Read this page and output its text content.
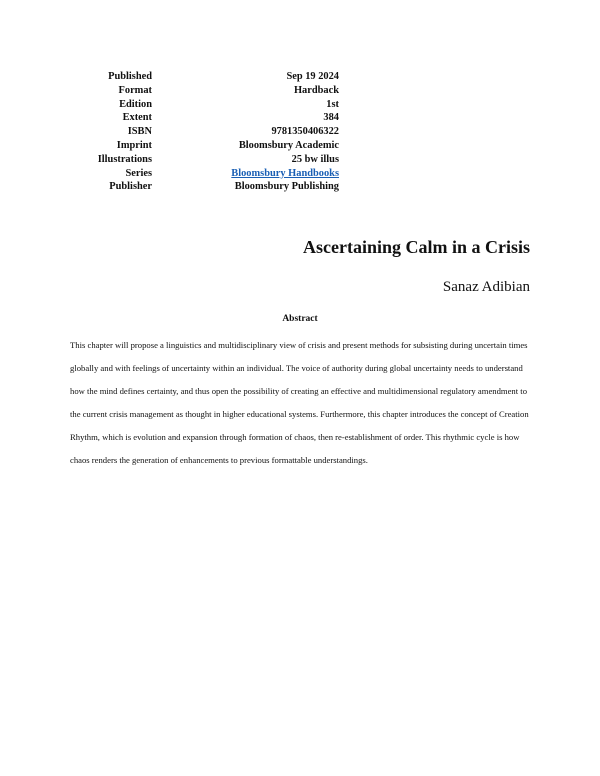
Published	Sep 19 2024
Format	Hardback
Edition	1st
Extent	384
ISBN	9781350406322
Imprint	Bloomsbury Academic
Illustrations	25 bw illus
Series	Bloomsbury Handbooks
Publisher	Bloomsbury Publishing
Ascertaining Calm in a Crisis

Sanaz Adibian

Abstract

This chapter will propose a linguistics and multidisciplinary view of crisis and present methods for subsisting during uncertain times globally and with feelings of uncertainty within an individual. The voice of authority during global uncertainty needs to understand how the mind defines certainty, and thus open the possibility of creating an effective and multidimensional regulatory amendment to the current crisis management as thought in higher educational systems. Furthermore, this chapter introduces the concept of Creation Rhythm, which is evolution and expansion through formation of chaos, then re-establishment of order. This rhythmic cycle is how chaos renders the generation of enhancements to previous formattable understandings.
